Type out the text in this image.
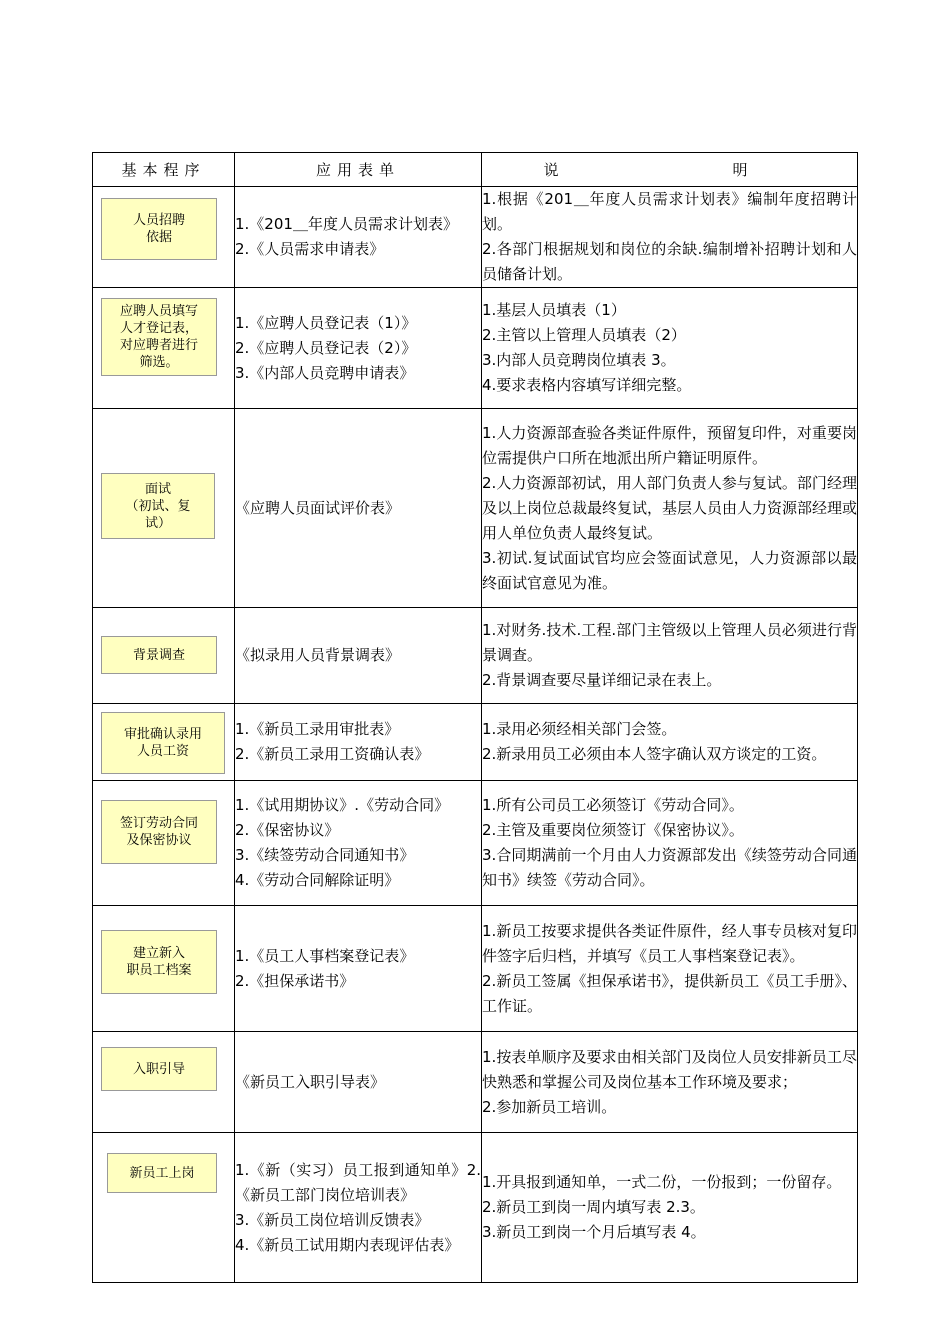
基本程序	应用表单	说　　明

人员招聘
依据	1.《201＿年度人员需求计划表》
2.《人员需求申请表》	1.根据《201＿年度人员需求计划表》编制年度招聘计划。
2.各部门根据规划和岗位的余缺.编制增补招聘计划和人员储备计划。

应聘人员填写
人才登记表，
对应聘者进行
筛选。	1.《应聘人员登记表（1）》
2.《应聘人员登记表（2）》
3.《内部人员竞聘申请表》	1.基层人员填表（1）
2.主管以上管理人员填表（2）
3.内部人员竞聘岗位填表 3。
4.要求表格内容填写详细完整。

面试
（初试、复
试）	《应聘人员面试评价表》	1.人力资源部查验各类证件原件，预留复印件，对重要岗位需提供户口所在地派出所户籍证明原件。
2.人力资源部初试，用人部门负责人参与复试。部门经理及以上岗位总裁最终复试，基层人员由人力资源部经理或用人单位负责人最终复试。
3.初试.复试面试官均应会签面试意见，人力资源部以最终面试官意见为准。

背景调查	《拟录用人员背景调表》	1.对财务.技术.工程.部门主管级以上管理人员必须进行背景调查。
2.背景调查要尽量详细记录在表上。

审批确认录用
人员工资	1.《新员工录用审批表》
2.《新员工录用工资确认表》	1.录用必须经相关部门会签。
2.新录用员工必须由本人签字确认双方谈定的工资。

签订劳动合同
及保密协议	1.《试用期协议》.《劳动合同》
2.《保密协议》
3.《续签劳动合同通知书》
4.《劳动合同解除证明》	1.所有公司员工必须签订《劳动合同》。
2.主管及重要岗位须签订《保密协议》。
3.合同期满前一个月由人力资源部发出《续签劳动合同通知书》续签《劳动合同》。

建立新入
职员工档案	1.《员工人事档案登记表》
2.《担保承诺书》	1.新员工按要求提供各类证件原件，经人事专员核对复印件签字后归档，并填写《员工人事档案登记表》。
2.新员工签属《担保承诺书》，提供新员工《员工手册》、工作证。

入职引导	《新员工入职引导表》	1.按表单顺序及要求由相关部门及岗位人员安排新员工尽快熟悉和掌握公司及岗位基本工作环境及要求；
2.参加新员工培训。

新员工上岗	1.《新（实习）员工报到通知单》2.《新员工部门岗位培训表》
3.《新员工岗位培训反馈表》
4.《新员工试用期内表现评估表》	1.开具报到通知单，一式二份，一份报到；一份留存。
2.新员工到岗一周内填写表 2.3。
3.新员工到岗一个月后填写表 4。
